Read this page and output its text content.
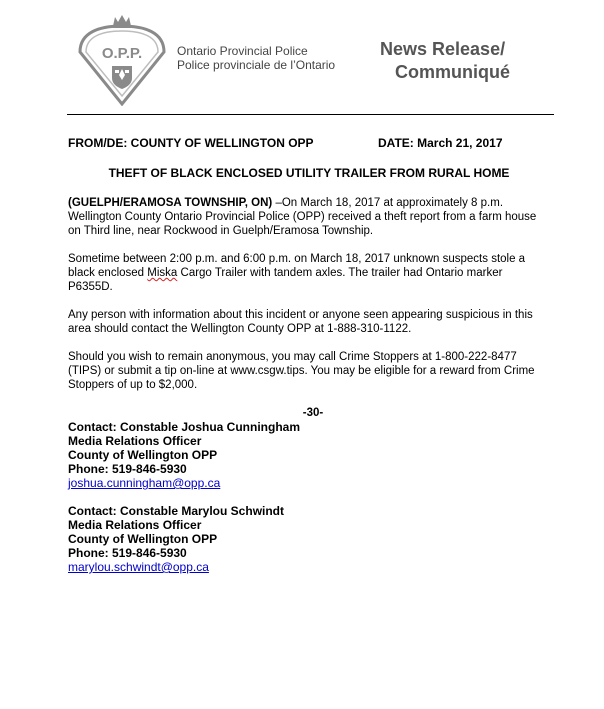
O.P.P.	Ontario Provincial Police
Police provinciale de l’Ontario
News Release/
Communiqué
FROM/DE: COUNTY OF WELLINGTON OPP	DATE: March 21, 2017
THEFT OF BLACK ENCLOSED UTILITY TRAILER FROM RURAL HOME

(GUELPH/ERAMOSA TOWNSHIP, ON) –On March 18, 2017 at approximately 8 p.m. Wellington County Ontario Provincial Police (OPP) received a theft report from a farm house on Third line, near Rockwood in Guelph/Eramosa Township.

Sometime between 2:00 p.m. and 6:00 p.m. on March 18, 2017 unknown suspects stole a black enclosed Miska Cargo Trailer with tandem axles. The trailer had Ontario marker P6355D.

Any person with information about this incident or anyone seen appearing suspicious in this area should contact the Wellington County OPP at 1-888-310-1122.

Should you wish to remain anonymous, you may call Crime Stoppers at 1-800-222-8477 (TIPS) or submit a tip on-line at www.csgw.tips. You may be eligible for a reward from Crime Stoppers of up to $2,000.

-30-
Contact: Constable Joshua Cunningham
Media Relations Officer
County of Wellington OPP
Phone: 519-846-5930
joshua.cunningham@opp.ca
Contact: Constable Marylou Schwindt
Media Relations Officer
County of Wellington OPP
Phone: 519-846-5930
marylou.schwindt@opp.ca
